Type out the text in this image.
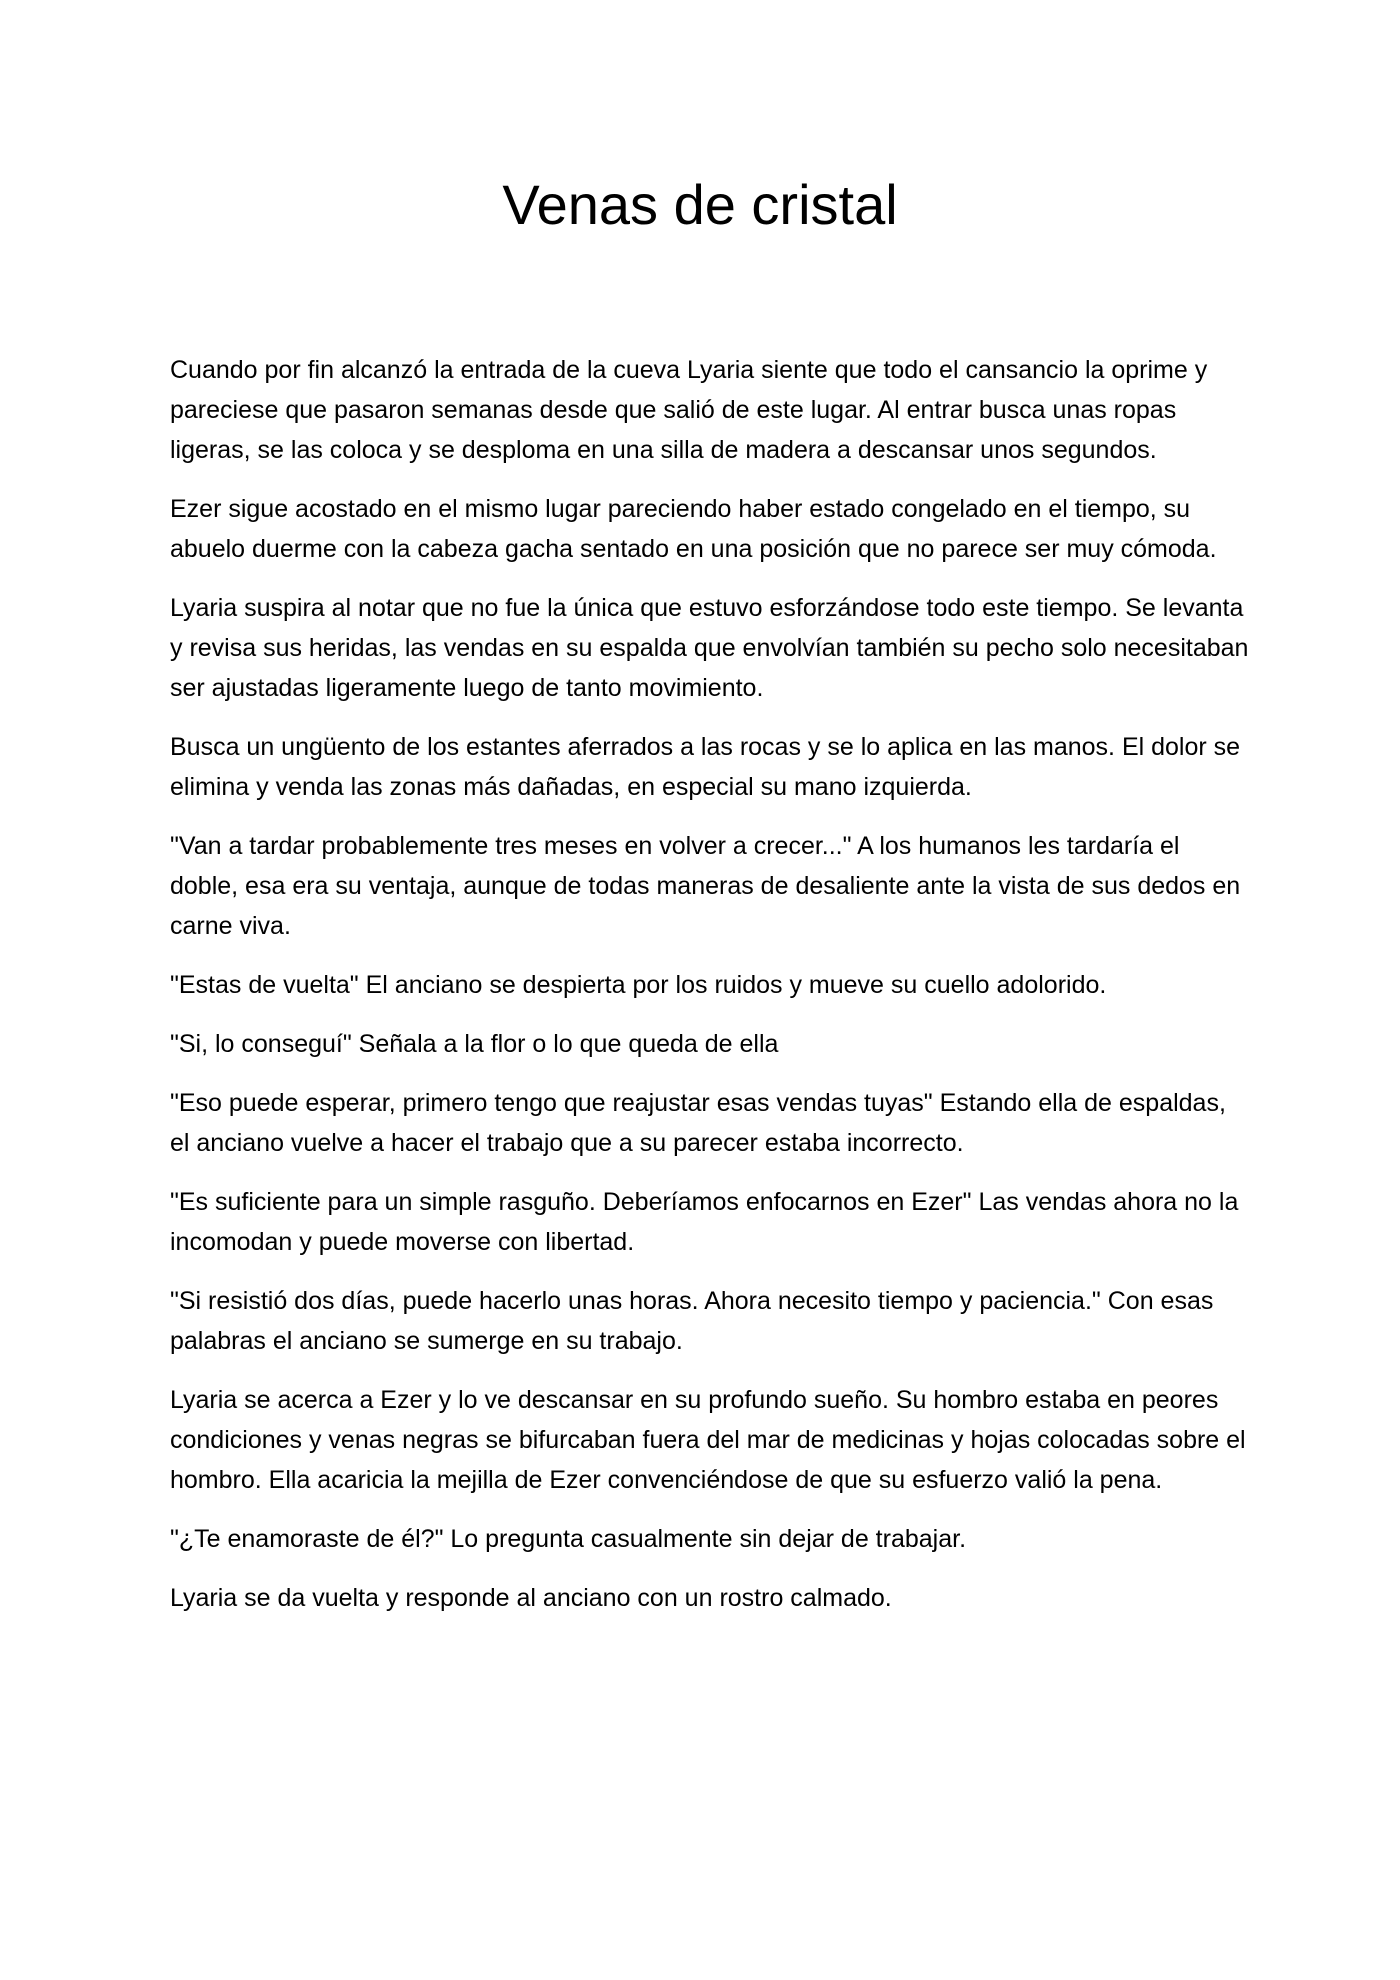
Venas de cristal

Cuando por fin alcanzó la entrada de la cueva Lyaria siente que todo el cansancio la oprime y pareciese que pasaron semanas desde que salió de este lugar. Al entrar busca unas ropas ligeras, se las coloca y se desploma en una silla de madera a descansar unos segundos.

Ezer sigue acostado en el mismo lugar pareciendo haber estado congelado en el tiempo, su abuelo duerme con la cabeza gacha sentado en una posición que no parece ser muy cómoda.

Lyaria suspira al notar que no fue la única que estuvo esforzándose todo este tiempo. Se levanta y revisa sus heridas, las vendas en su espalda que envolvían también su pecho solo necesitaban ser ajustadas ligeramente luego de tanto movimiento.

Busca un ungüento de los estantes aferrados a las rocas y se lo aplica en las manos. El dolor se elimina y venda las zonas más dañadas, en especial su mano izquierda.

"Van a tardar probablemente tres meses en volver a crecer..." A los humanos les tardaría el doble, esa era su ventaja, aunque de todas maneras de desaliente ante la vista de sus dedos en carne viva.

"Estas de vuelta" El anciano se despierta por los ruidos y mueve su cuello adolorido.

"Si, lo conseguí" Señala a la flor o lo que queda de ella

"Eso puede esperar, primero tengo que reajustar esas vendas tuyas" Estando ella de espaldas, el anciano vuelve a hacer el trabajo que a su parecer estaba incorrecto.

"Es suficiente para un simple rasguño. Deberíamos enfocarnos en Ezer" Las vendas ahora no la incomodan y puede moverse con libertad.

"Si resistió dos días, puede hacerlo unas horas. Ahora necesito tiempo y paciencia." Con esas palabras el anciano se sumerge en su trabajo.

Lyaria se acerca a Ezer y lo ve descansar en su profundo sueño. Su hombro estaba en peores condiciones y venas negras se bifurcaban fuera del mar de medicinas y hojas colocadas sobre el hombro. Ella acaricia la mejilla de Ezer convenciéndose de que su esfuerzo valió la pena.

"¿Te enamoraste de él?" Lo pregunta casualmente sin dejar de trabajar.

Lyaria se da vuelta y responde al anciano con un rostro calmado.
